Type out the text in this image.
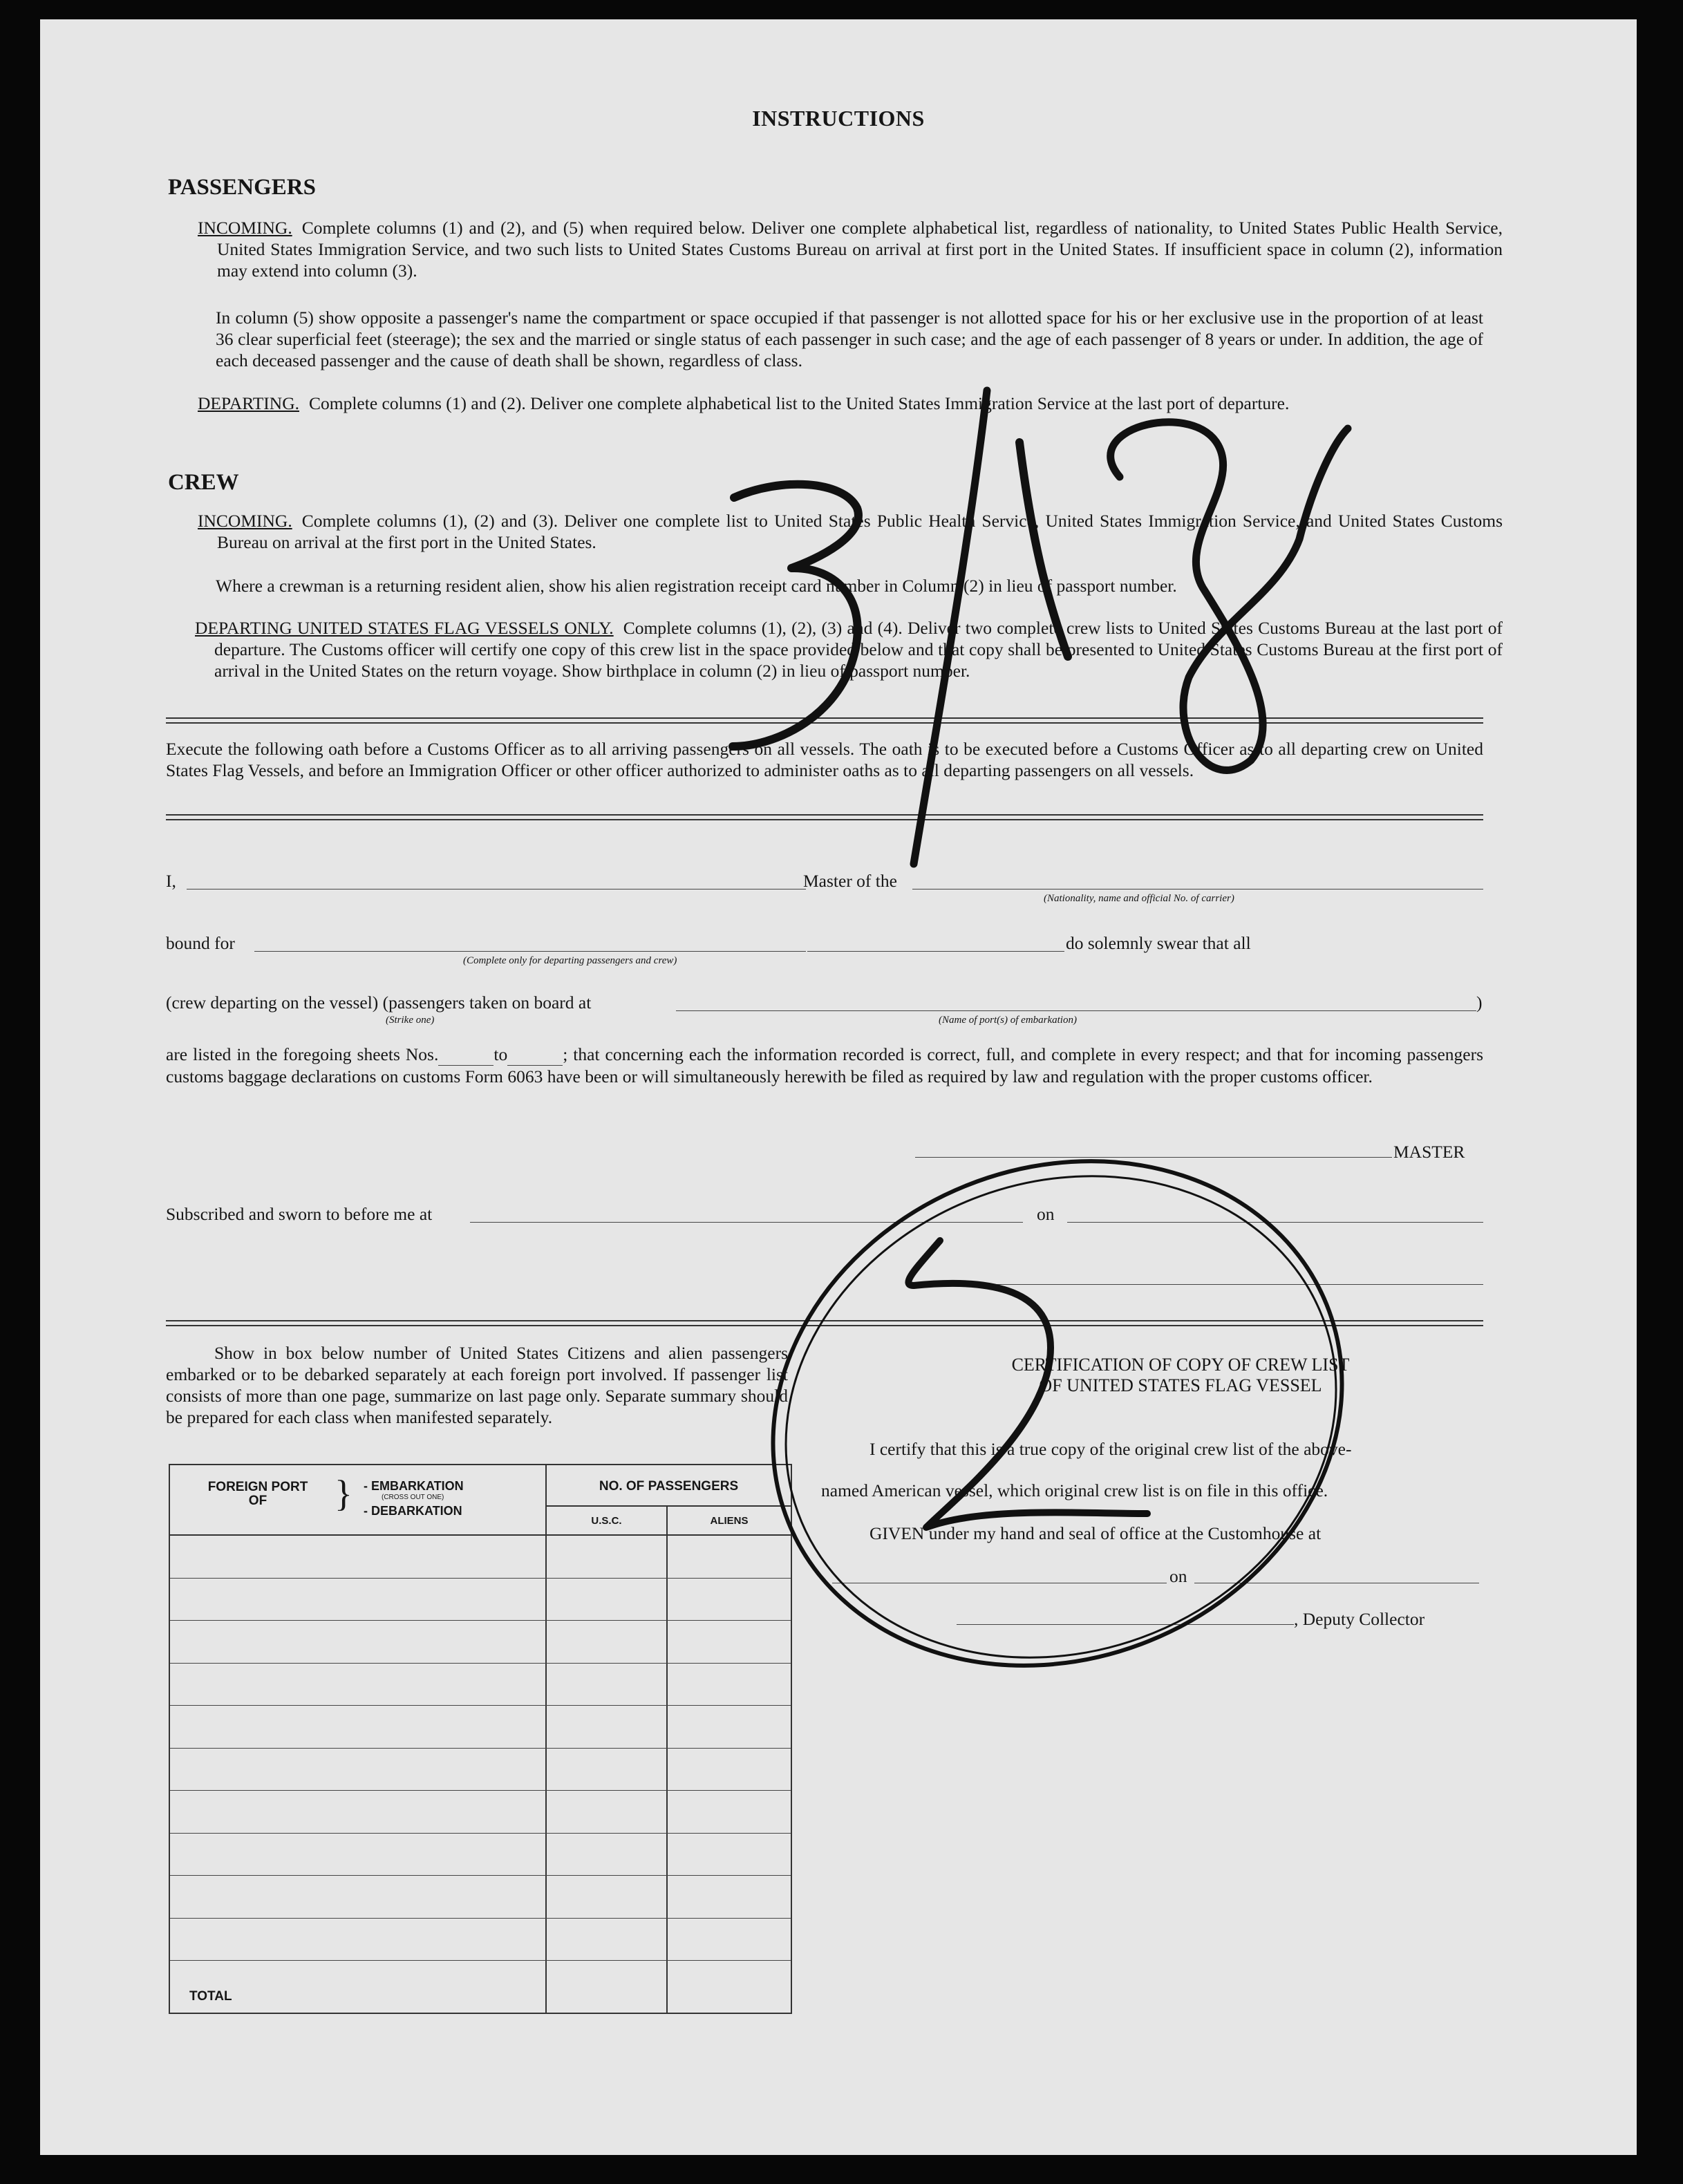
INSTRUCTIONS
PASSENGERS
INCOMING. Complete columns (1) and (2), and (5) when required below. Deliver one complete alphabetical list, regardless of nationality, to United States Public Health Service, United States Immigration Service, and two such lists to United States Customs Bureau on arrival at first port in the United States. If insufficient space in column (2), information may extend into column (3).
In column (5) show opposite a passenger's name the compartment or space occupied if that passenger is not allotted space for his or her exclusive use in the proportion of at least 36 clear superficial feet (steerage); the sex and the married or single status of each passenger in such case; and the age of each passenger of 8 years or under. In addition, the age of each deceased passenger and the cause of death shall be shown, regardless of class.
DEPARTING. Complete columns (1) and (2). Deliver one complete alphabetical list to the United States Immigration Service at the last port of departure.
CREW
INCOMING. Complete columns (1), (2) and (3). Deliver one complete list to United States Public Health Service, United States Immigration Service, and United States Customs Bureau on arrival at the first port in the United States.
Where a crewman is a returning resident alien, show his alien registration receipt card number in Column (2) in lieu of passport number.
DEPARTING UNITED STATES FLAG VESSELS ONLY. Complete columns (1), (2), (3) and (4). Deliver two complete crew lists to United States Customs Bureau at the last port of departure. The Customs officer will certify one copy of this crew list in the space provided below and that copy shall be presented to United States Customs Bureau at the first port of arrival in the United States on the return voyage. Show birthplace in column (2) in lieu of passport number.
Execute the following oath before a Customs Officer as to all arriving passengers on all vessels. The oath is to be executed before a Customs Officer as to all departing crew on United States Flag Vessels, and before an Immigration Officer or other officer authorized to administer oaths as to all departing passengers on all vessels.
I,	Master of the
(Nationality, name and official No. of carrier)
bound for
(Complete only for departing passengers and crew)
do solemnly swear that all
(crew departing on the vessel) (passengers taken on board at	)
(Strike one)	(Name of port(s) of embarkation)
are listed in the foregoing sheets Nos.	to	; that concerning each the information recorded is correct, full, and complete in every respect; and that for incoming passengers customs baggage declarations on customs Form 6063 have been or will simultaneously herewith be filed as required by law and regulation with the proper customs officer.
MASTER
Subscribed and sworn to before me at	on
Show in box below number of United States Citizens and alien passengers embarked or to be debarked separately at each foreign port involved. If passenger list consists of more than one page, summarize on last page only. Separate summary should be prepared for each class when manifested separately.
FOREIGN PORT OF	} - EMBARKATION
(CROSS OUT ONE)
- DEBARKATION
NO. OF PASSENGERS
U.S.C.	ALIENS
TOTAL
CERTIFICATION OF COPY OF CREW LIST
OF UNITED STATES FLAG VESSEL
I certify that this is a true copy of the original crew list of the above-
named American vessel, which original crew list is on file in this office.
GIVEN under my hand and seal of office at the Customhouse at
on
, Deputy Collector
